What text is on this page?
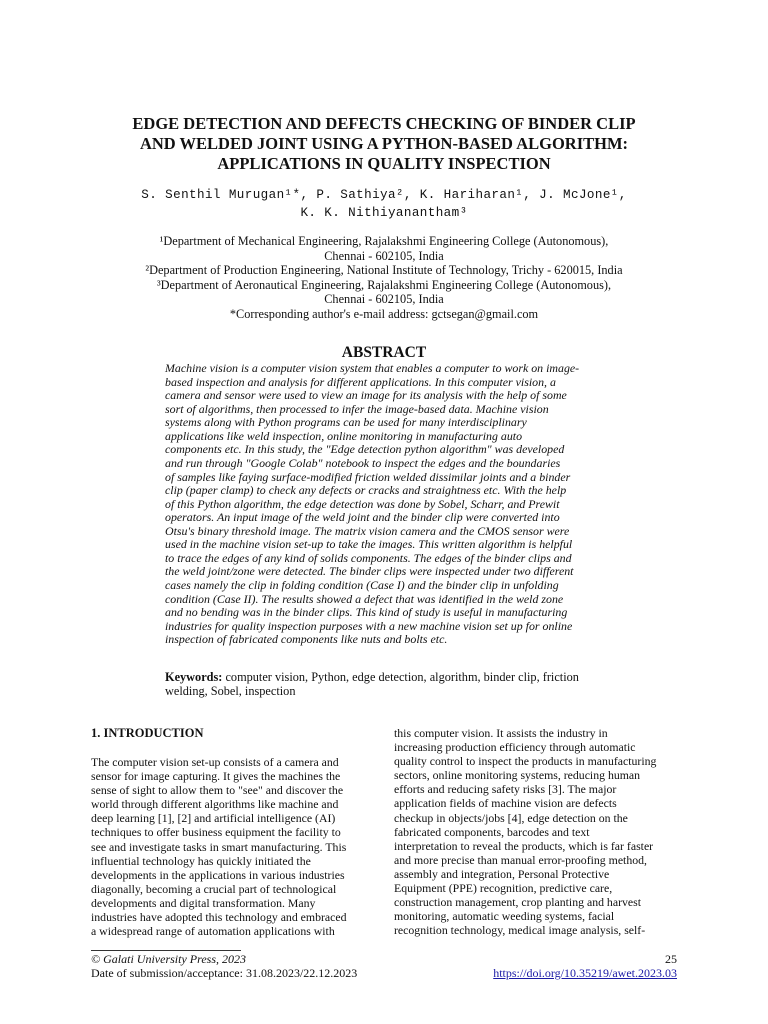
EDGE DETECTION AND DEFECTS CHECKING OF BINDER CLIP
AND WELDED JOINT USING A PYTHON-BASED ALGORITHM:
APPLICATIONS IN QUALITY INSPECTION
S. Senthil Murugan¹*, P. Sathiya², K. Hariharan¹, J. McJone¹,
K. K. Nithiyanantham³
¹Department of Mechanical Engineering, Rajalakshmi Engineering College (Autonomous),
Chennai - 602105, India
²Department of Production Engineering, National Institute of Technology, Trichy - 620015, India
³Department of Aeronautical Engineering, Rajalakshmi Engineering College (Autonomous),
Chennai - 602105, India
*Corresponding author's e-mail address: gctsegan@gmail.com
ABSTRACT
Machine vision is a computer vision system that enables a computer to work on image-
based inspection and analysis for different applications. In this computer vision, a
camera and sensor were used to view an image for its analysis with the help of some
sort of algorithms, then processed to infer the image-based data. Machine vision
systems along with Python programs can be used for many interdisciplinary
applications like weld inspection, online monitoring in manufacturing auto
components etc. In this study, the "Edge detection python algorithm" was developed
and run through "Google Colab" notebook to inspect the edges and the boundaries
of samples like faying surface-modified friction welded dissimilar joints and a binder
clip (paper clamp) to check any defects or cracks and straightness etc. With the help
of this Python algorithm, the edge detection was done by Sobel, Scharr, and Prewit
operators. An input image of the weld joint and the binder clip were converted into
Otsu's binary threshold image. The matrix vision camera and the CMOS sensor were
used in the machine vision set-up to take the images. This written algorithm is helpful
to trace the edges of any kind of solids components. The edges of the binder clips and
the weld joint/zone were detected. The binder clips were inspected under two different
cases namely the clip in folding condition (Case I) and the binder clip in unfolding
condition (Case II). The results showed a defect that was identified in the weld zone
and no bending was in the binder clips. This kind of study is useful in manufacturing
industries for quality inspection purposes with a new machine vision set up for online
inspection of fabricated components like nuts and bolts etc.
Keywords: computer vision, Python, edge detection, algorithm, binder clip, friction
welding, Sobel, inspection
1. INTRODUCTION
The computer vision set-up consists of a camera and
sensor for image capturing. It gives the machines the
sense of sight to allow them to "see" and discover the
world through different algorithms like machine and
deep learning [1], [2] and artificial intelligence (AI)
techniques to offer business equipment the facility to
see and investigate tasks in smart manufacturing. This
influential technology has quickly initiated the
developments in the applications in various industries
diagonally, becoming a crucial part of technological
developments and digital transformation. Many
industries have adopted this technology and embraced
a widespread range of automation applications with
this computer vision. It assists the industry in
increasing production efficiency through automatic
quality control to inspect the products in manufacturing
sectors, online monitoring systems, reducing human
efforts and reducing safety risks [3]. The major
application fields of machine vision are defects
checkup in objects/jobs [4], edge detection on the
fabricated components, barcodes and text
interpretation to reveal the products, which is far faster
and more precise than manual error-proofing method,
assembly and integration, Personal Protective
Equipment (PPE) recognition, predictive care,
construction management, crop planting and harvest
monitoring, automatic weeding systems, facial
recognition technology, medical image analysis, self-
© Galati University Press, 2023
Date of submission/acceptance: 31.08.2023/22.12.2023
25
https://doi.org/10.35219/awet.2023.03
